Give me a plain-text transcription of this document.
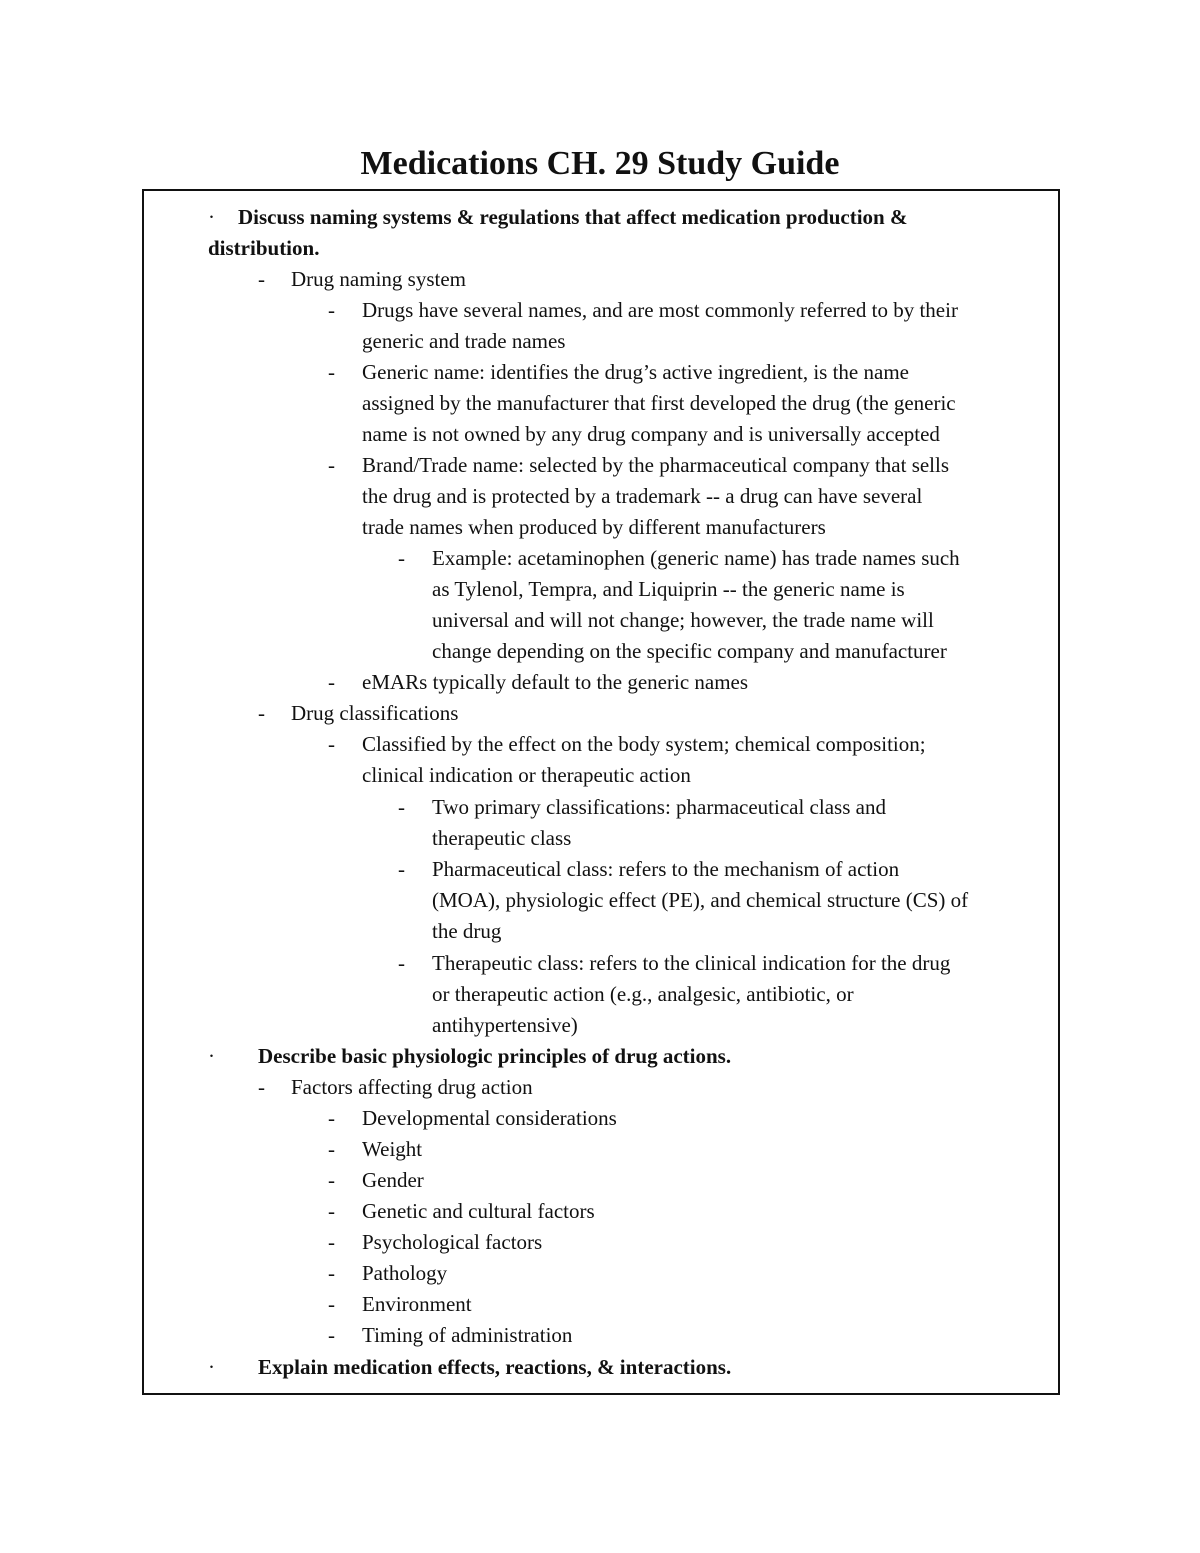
Medications CH. 29 Study Guide
· Discuss naming systems & regulations that affect medication production &
distribution.
- Drug naming system
- Drugs have several names, and are most commonly referred to by their
generic and trade names
- Generic name: identifies the drug’s active ingredient, is the name
assigned by the manufacturer that first developed the drug (the generic
name is not owned by any drug company and is universally accepted
- Brand/Trade name: selected by the pharmaceutical company that sells
the drug and is protected by a trademark -- a drug can have several
trade names when produced by different manufacturers
- Example: acetaminophen (generic name) has trade names such
as Tylenol, Tempra, and Liquiprin -- the generic name is
universal and will not change; however, the trade name will
change depending on the specific company and manufacturer
- eMARs typically default to the generic names
- Drug classifications
- Classified by the effect on the body system; chemical composition;
clinical indication or therapeutic action
- Two primary classifications: pharmaceutical class and
therapeutic class
- Pharmaceutical class: refers to the mechanism of action
(MOA), physiologic effect (PE), and chemical structure (CS) of
the drug
- Therapeutic class: refers to the clinical indication for the drug
or therapeutic action (e.g., analgesic, antibiotic, or
antihypertensive)
· Describe basic physiologic principles of drug actions.
- Factors affecting drug action
- Developmental considerations
- Weight
- Gender
- Genetic and cultural factors
- Psychological factors
- Pathology
- Environment
- Timing of administration
· Explain medication effects, reactions, & interactions.
